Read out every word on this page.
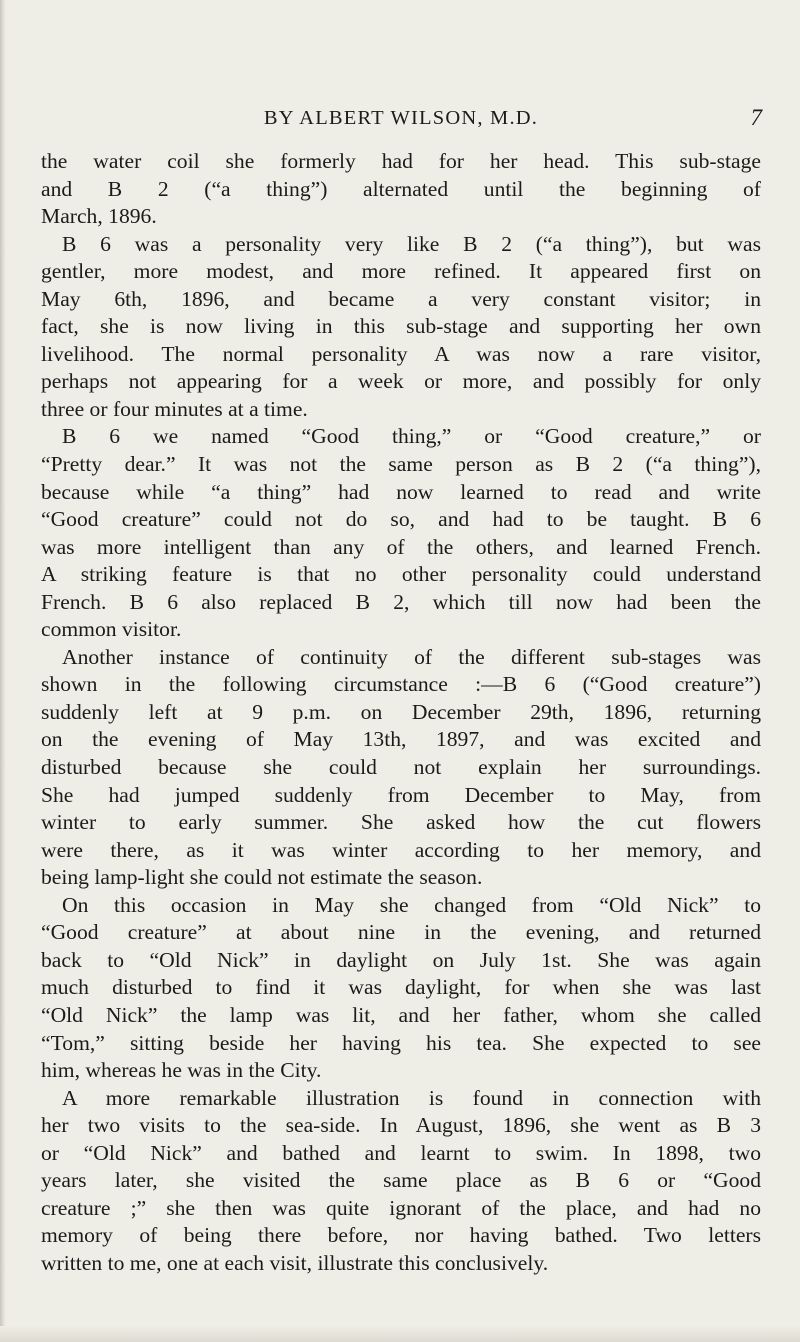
BY ALBERT WILSON, M.D.	7
the water coil she formerly had for her head. This sub-stage
and B 2 (“a thing”) alternated until the beginning of
March, 1896.
B 6 was a personality very like B 2 (“a thing”), but was
gentler, more modest, and more refined. It appeared first on
May 6th, 1896, and became a very constant visitor; in
fact, she is now living in this sub-stage and supporting her own
livelihood. The normal personality A was now a rare visitor,
perhaps not appearing for a week or more, and possibly for only
three or four minutes at a time.
B 6 we named “Good thing,” or “Good creature,” or
“Pretty dear.” It was not the same person as B 2 (“a thing”),
because while “a thing” had now learned to read and write
“Good creature” could not do so, and had to be taught. B 6
was more intelligent than any of the others, and learned French.
A striking feature is that no other personality could understand
French. B 6 also replaced B 2, which till now had been the
common visitor.
Another instance of continuity of the different sub-stages was
shown in the following circumstance :—B 6 (“Good creature”)
suddenly left at 9 p.m. on December 29th, 1896, returning
on the evening of May 13th, 1897, and was excited and
disturbed because she could not explain her surroundings.
She had jumped suddenly from December to May, from
winter to early summer. She asked how the cut flowers
were there, as it was winter according to her memory, and
being lamp-light she could not estimate the season.
On this occasion in May she changed from “Old Nick” to
“Good creature” at about nine in the evening, and returned
back to “Old Nick” in daylight on July 1st. She was again
much disturbed to find it was daylight, for when she was last
“Old Nick” the lamp was lit, and her father, whom she called
“Tom,” sitting beside her having his tea. She expected to see
him, whereas he was in the City.
A more remarkable illustration is found in connection with
her two visits to the sea-side. In August, 1896, she went as B 3
or “Old Nick” and bathed and learnt to swim. In 1898, two
years later, she visited the same place as B 6 or “Good
creature ;” she then was quite ignorant of the place, and had no
memory of being there before, nor having bathed. Two letters
written to me, one at each visit, illustrate this conclusively.
